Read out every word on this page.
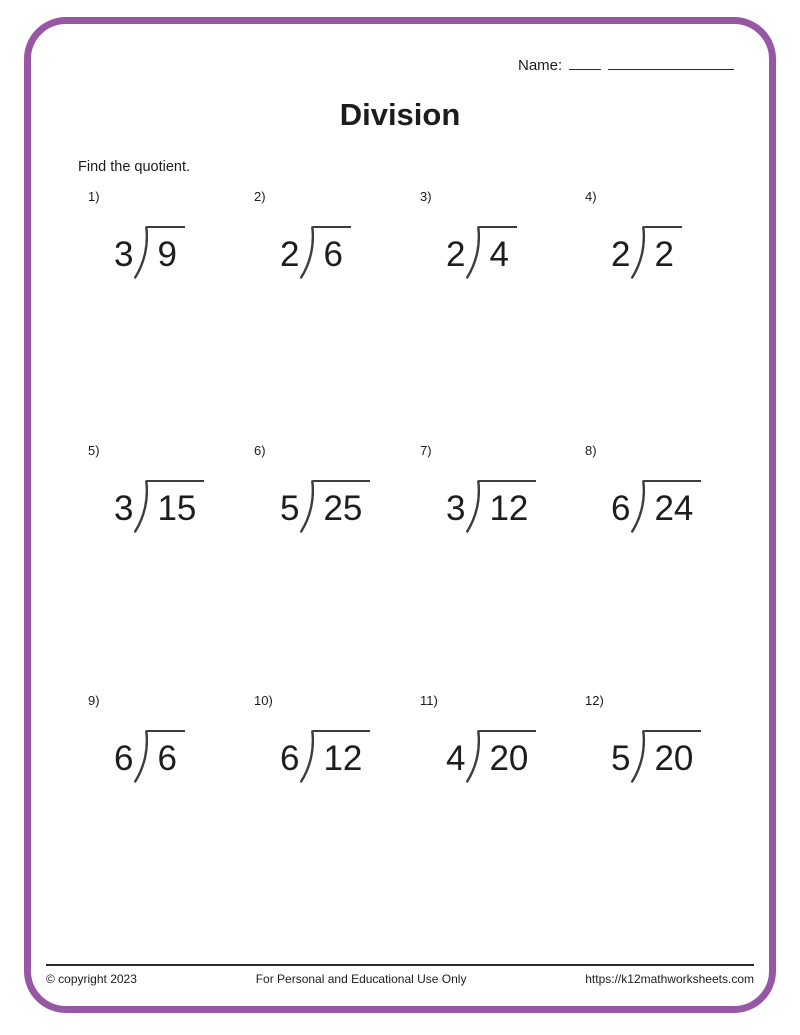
Name:
Division
Find the quotient.
1)
3 9
2)
2 6
3)
2 4
4)
2 2
5)
3 15
6)
5 25
7)
3 12
8)
6 24
9)
6 6
10)
6 12
11)
4 20
12)
5 20
© copyright 2023	For Personal and Educational Use Only	https://k12mathworksheets.com
